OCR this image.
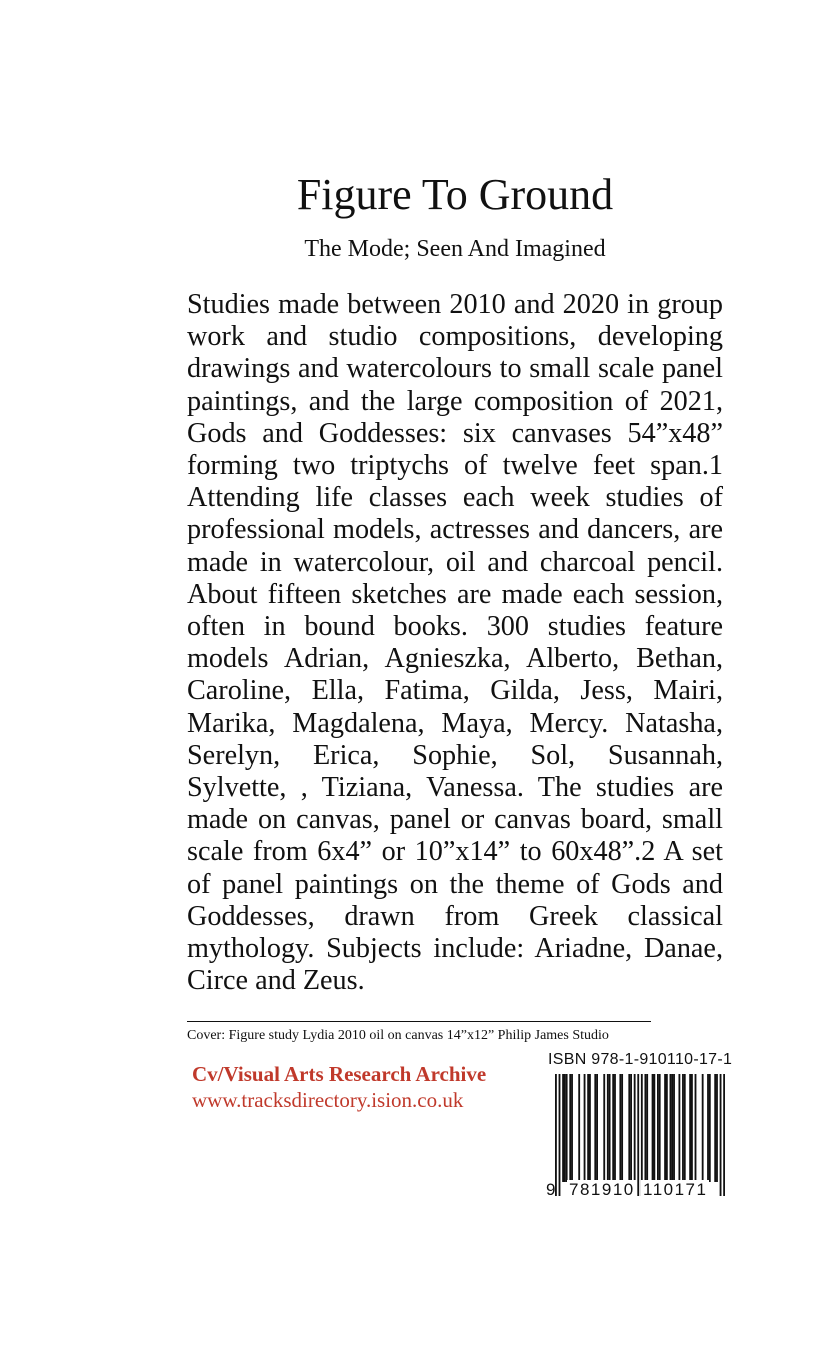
Figure To Ground
The Mode; Seen And Imagined

Studies made between 2010 and 2020 in group work and studio compositions, developing drawings and watercolours to small scale panel paintings, and the large composition of 2021, Gods and Goddesses: six canvases 54”x48” forming two triptychs of twelve feet span.1 Attending life classes each week studies of professional models, actresses and dancers, are made in watercolour, oil and charcoal pencil. About fifteen sketches are made each session, often in bound books. 300 studies feature models Adrian, Agnieszka, Alberto, Bethan, Caroline, Ella, Fatima, Gilda, Jess, Mairi, Marika, Magdalena, Maya, Mercy. Natasha, Serelyn, Erica, Sophie, Sol, Susannah, Sylvette, , Tiziana, Vanessa. The studies are made on canvas, panel or canvas board, small scale from 6x4” or 10”x14” to 60x48”.2 A set of panel paintings on the theme of Gods and Goddesses, drawn from Greek classical mythology. Subjects include: Ariadne, Danae, Circe and Zeus.

Cover: Figure study Lydia 2010 oil on canvas 14”x12” Philip James Studio
Cv/Visual Arts Research Archive
www.tracksdirectory.ision.co.uk
ISBN 978-1-910110-17-1
9 781910 110171
